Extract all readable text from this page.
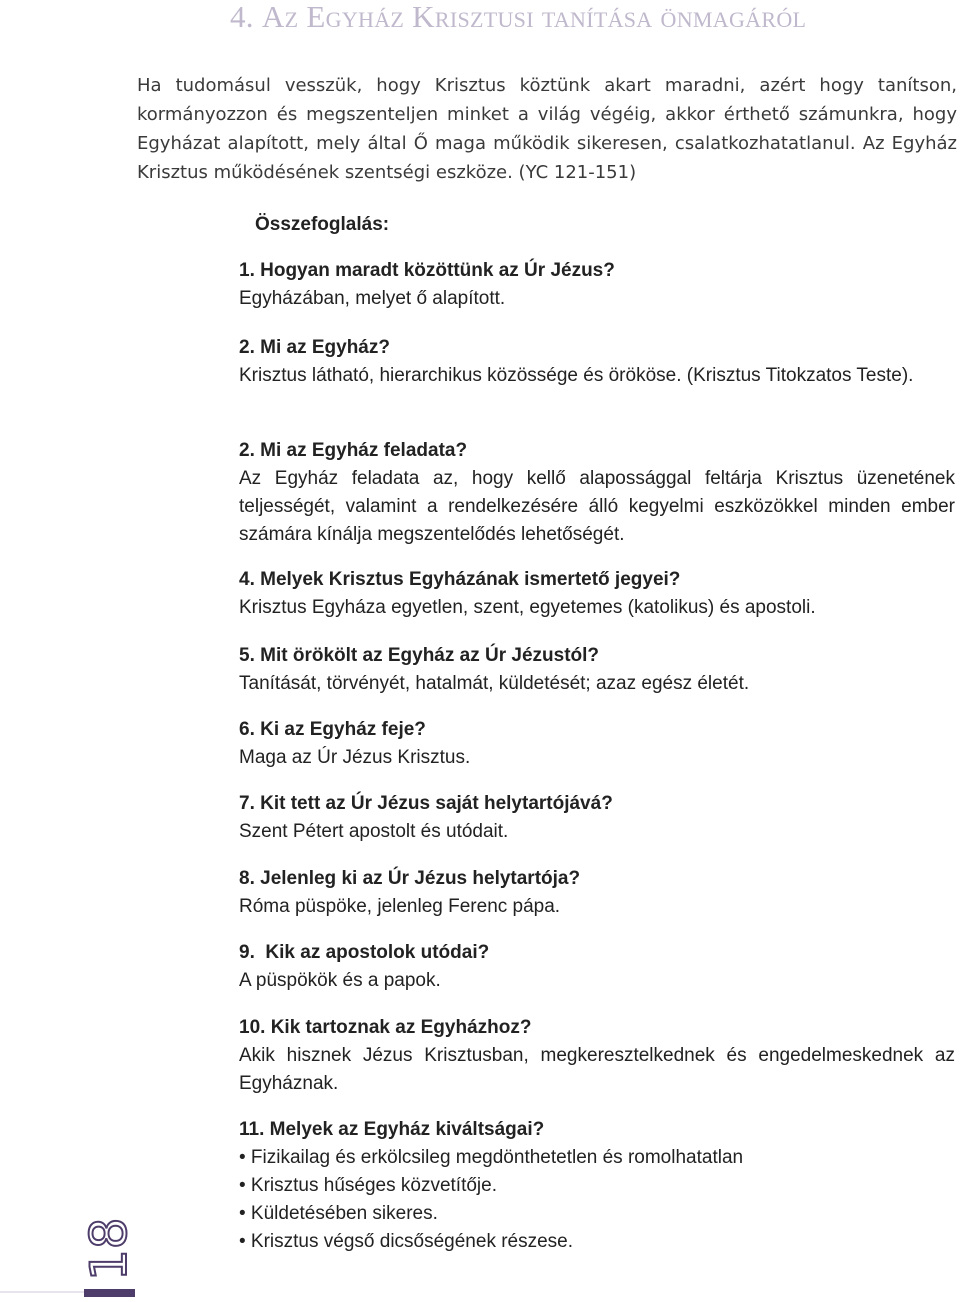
4. Az Egyház Krisztusi tanítása önmagáról

Ha tudomásul vesszük, hogy Krisztus köztünk akart maradni, azért hogy tanítson, kormányozzon és megszenteljen minket a világ végéig, akkor érthető számunkra, hogy Egyházat alapított, mely által Ő maga működik sikeresen, csalatkozhatatlanul. Az Egyház Krisztus működésének szentségi eszköze. (YC 121-151)

Összefoglalás:

1. Hogyan maradt közöttünk az Úr Jézus?
Egyházában, melyet ő alapított.
2. Mi az Egyház?
Krisztus látható, hierarchikus közössége és örököse. (Krisztus Titokzatos Teste).
2. Mi az Egyház feladata?
Az Egyház feladata az, hogy kellő alapossággal feltárja Krisztus üzenetének teljességét, valamint a rendelkezésére álló kegyelmi eszközökkel minden ember számára kínálja megszentelődés lehetőségét.
4. Melyek Krisztus Egyházának ismertető jegyei?
Krisztus Egyháza egyetlen, szent, egyetemes (katolikus) és apostoli.
5. Mit örökölt az Egyház az Úr Jézustól?
Tanítását, törvényét, hatalmát, küldetését; azaz egész életét.
6. Ki az Egyház feje?
Maga az Úr Jézus Krisztus.
7. Kit tett az Úr Jézus saját helytartójává?
Szent Pétert apostolt és utódait.
8. Jelenleg ki az Úr Jézus helytartója?
Róma püspöke, jelenleg Ferenc pápa.
9.  Kik az apostolok utódai?
A püspökök és a papok.
10. Kik tartoznak az Egyházhoz?
Akik hisznek Jézus Krisztusban, megkeresztelkednek és engedelmeskednek az Egyháznak.
11. Melyek az Egyház kiváltságai?
• Fizikailag és erkölcsileg megdönthetetlen és romolhatatlan
• Krisztus hűséges közvetítője.
• Küldetésében sikeres.
• Krisztus végső dicsőségének részese.
18
